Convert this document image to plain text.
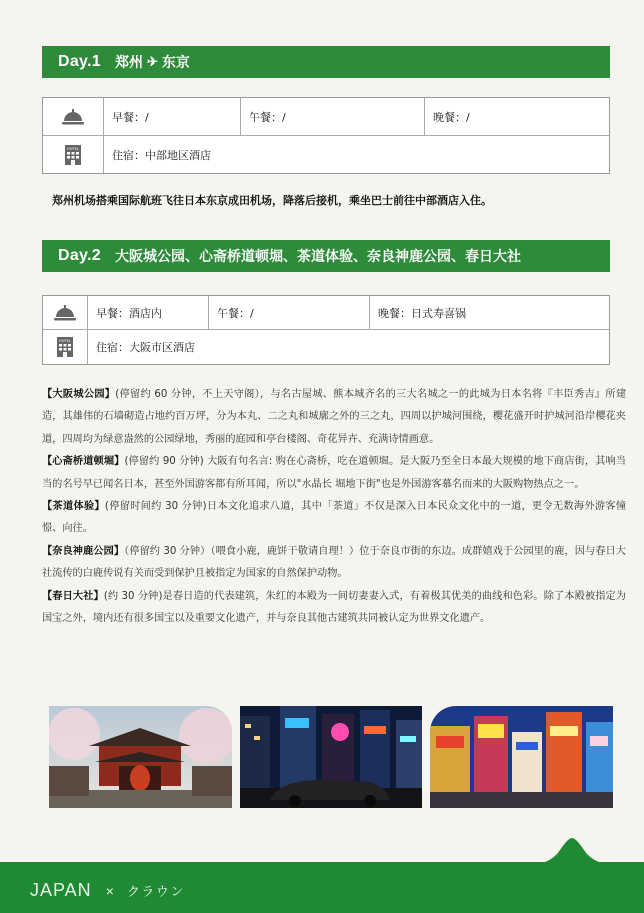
Day.1 郑州 ✈ 东京
早餐：/	午餐：/	晚餐：/
HOTEL	住宿：中部地区酒店
郑州机场搭乘国际航班飞往日本东京成田机场，降落后接机，乘坐巴士前往中部酒店入住。
Day.2 大阪城公园、心斋桥道顿堀、茶道体验、奈良神鹿公园、春日大社
早餐：酒店内	午餐：/	晚餐：日式寿喜锅
HOTEL	住宿：大阪市区酒店

【大阪城公园】(停留约 60 分钟，不上天守阁），与名古屋城、熊本城齐名的三大名城之一的此城为日本名将『丰臣秀吉』所建造，其雄伟的石墙砌造占地约百万坪，分为本丸、二之丸和城廓之外的三之丸，四周以护城河围绕，樱花盛开时护城河沿岸樱花夹道，四周均为绿意盎然的公园绿地，秀丽的庭园和亭台楼阁、奇花异卉、充满诗情画意。

【心斋桥道顿堀】(停留约 90 分钟) 大阪有句名言: 购在心斋桥，吃在道顿堀。是大阪乃至全日本最大规模的地下商店街，其响当当的名号早已闻名日本，甚至外国游客都有所耳闻，所以"水晶长 堀地下街"也是外国游客慕名而来的大阪购物热点之一。

【茶道体验】(停留时间约 30 分钟)日本文化追求八道，其中「茶道」不仅是深入日本民众文化中的一道，更令无数海外游客憧憬、向往。

【奈良神鹿公园】（停留约 30 分钟）（喂食小鹿，鹿饼干敬请自理！）位于奈良市街的东边。成群嬉戏于公园里的鹿，因与春日大社流传的白鹿传说有关而受到保护且被指定为国家的自然保护动物。

【春日大社】(约 30 分钟)是春日造的代表建筑，朱红的本殿为一间切妻妻入式，有着极其优美的曲线和色彩。除了本殿被指定为国宝之外，境内还有很多国宝以及重要文化遗产，并与奈良其他古建筑共同被认定为世界文化遗产。

JAPAN × クラウン
